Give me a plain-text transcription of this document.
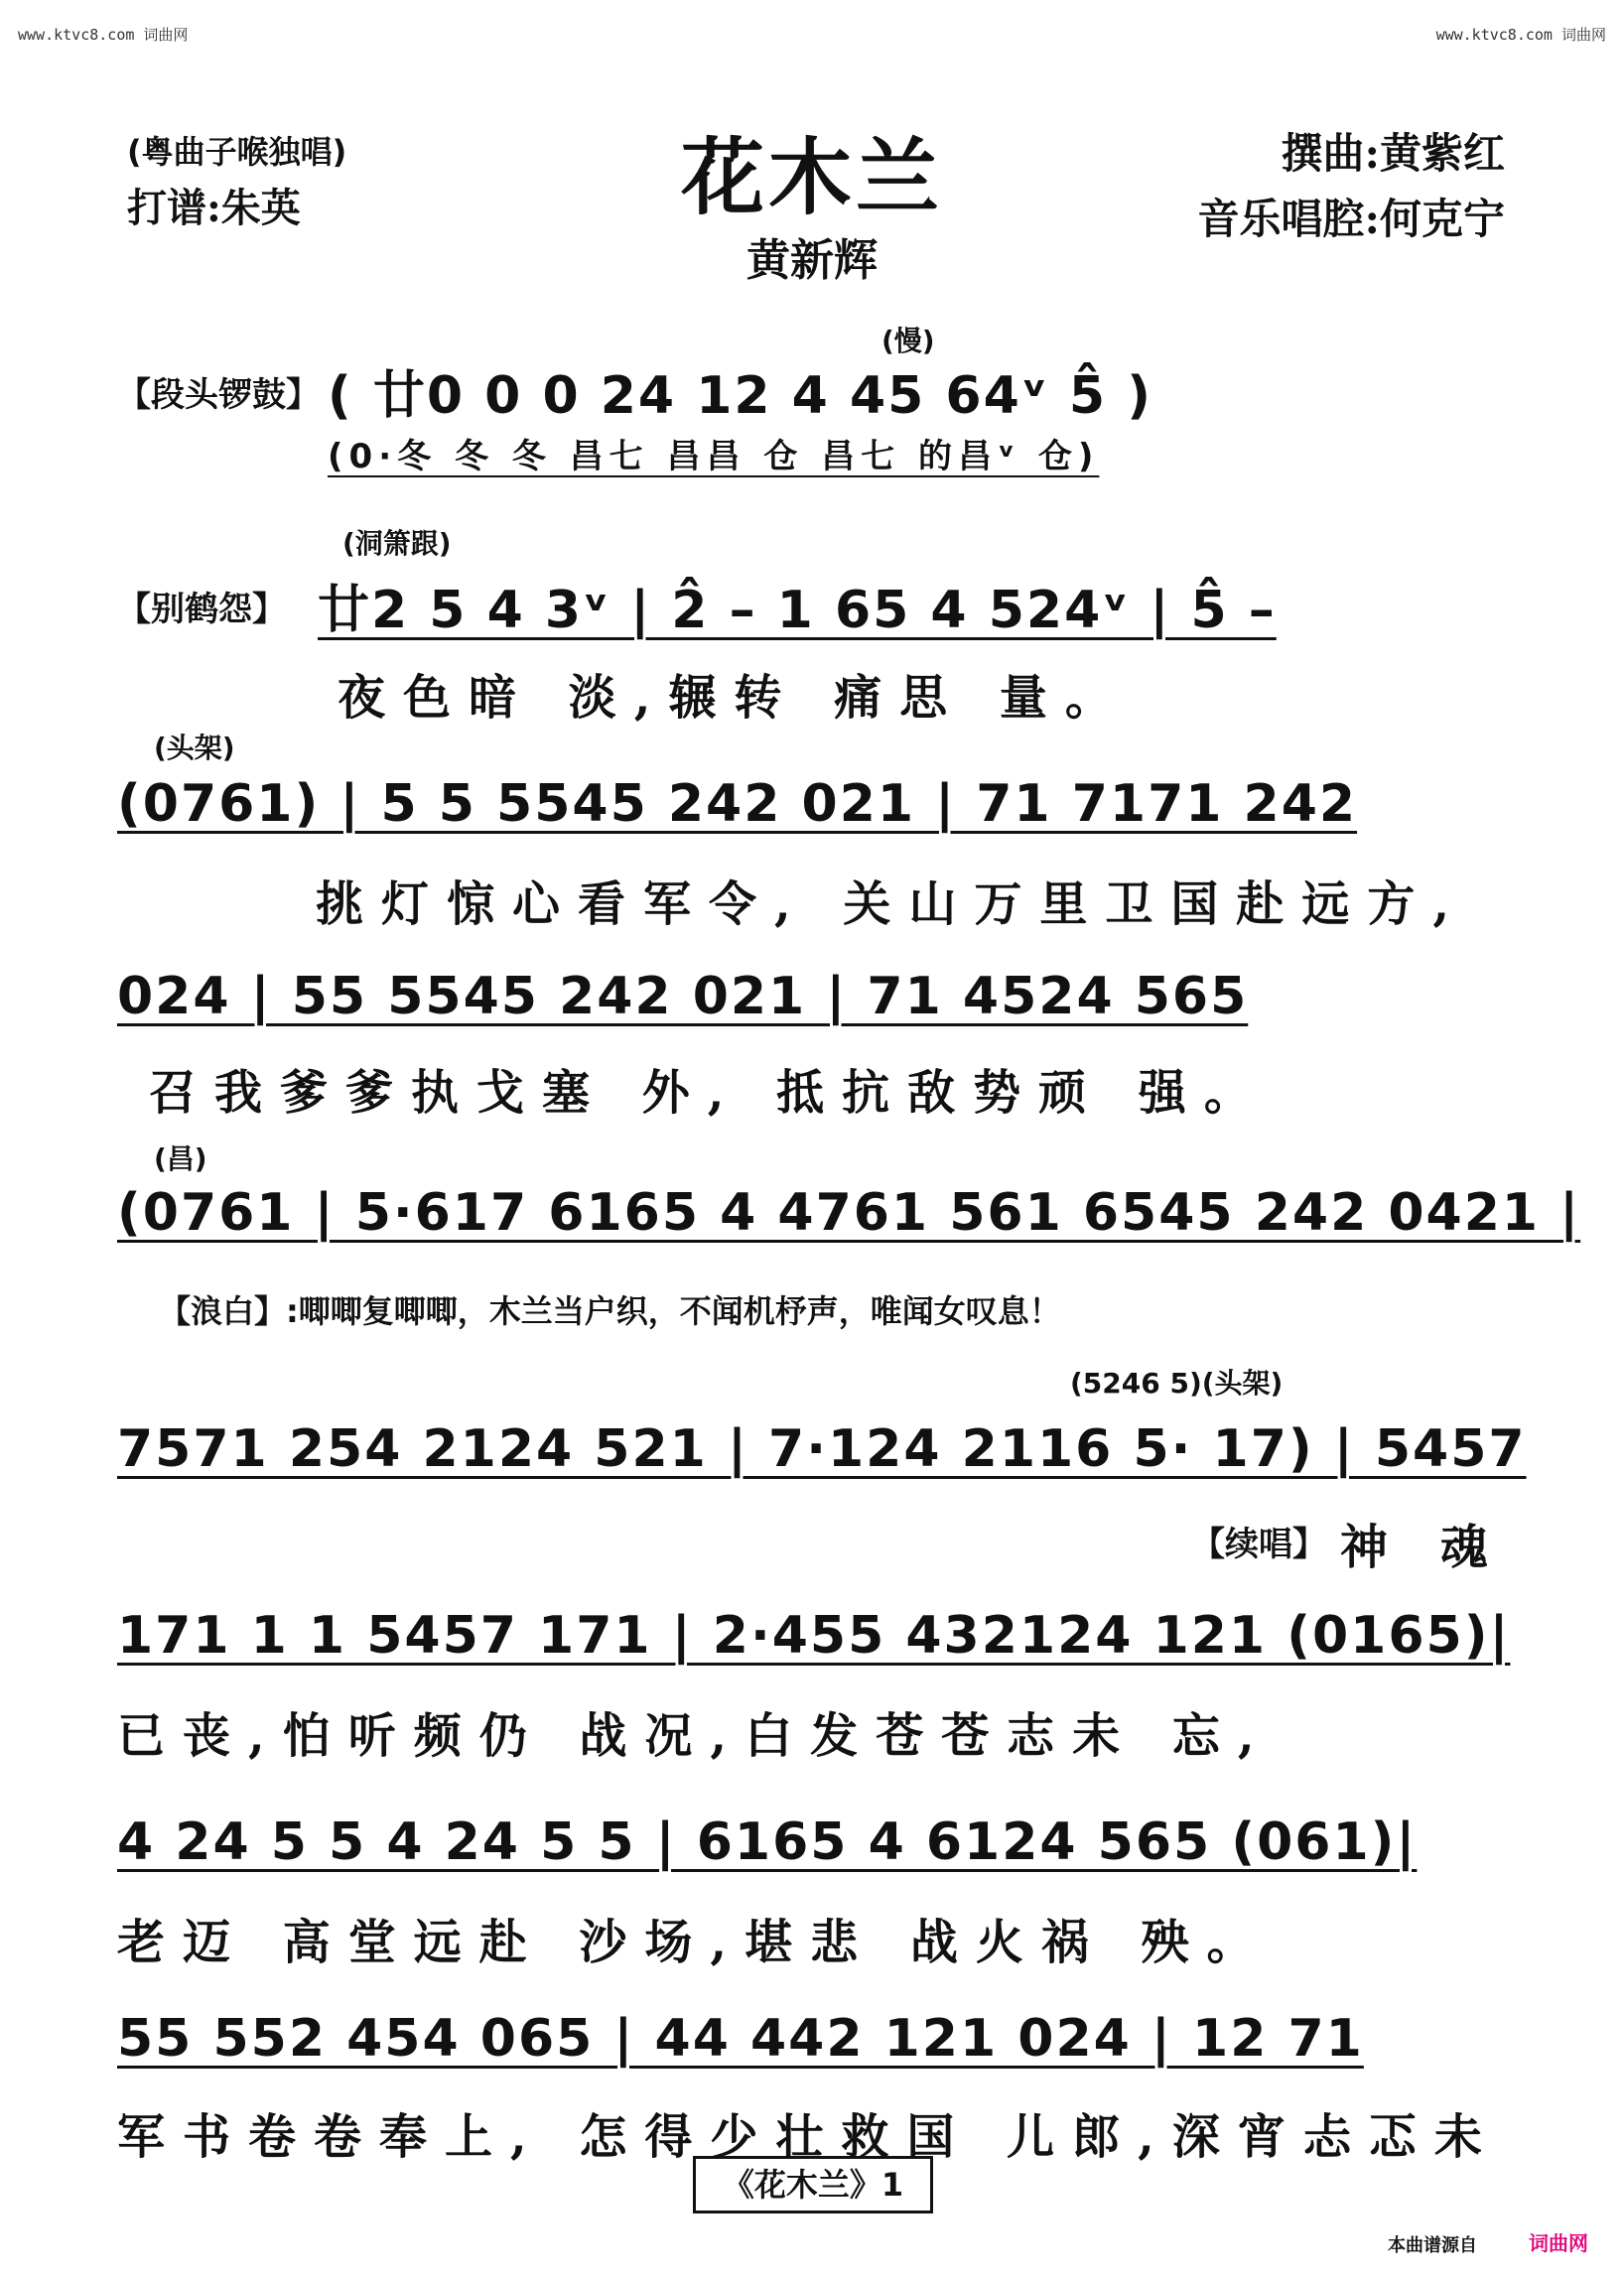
www.ktvc8.com 词曲网	www.ktvc8.com 词曲网
(粤曲子喉独唱)
打谱:朱英	花木兰
黄新辉
撰曲:黄紫红
音乐唱腔:何克宁
(慢)
【段头锣鼓】 ( 廿0 0 0 24 12 4 45 64ᵛ 5̂ )
(0·冬 冬 冬 昌七 昌昌 仓 昌七 的昌ᵛ 仓)
(洞箫跟)
【别鹤怨】 廿2 5 4 3ᵛ | 2̂ – 1 65 4 524ᵛ | 5̂ –
夜色暗 淡,辗转 痛思 量。
(头架)
(0761) | 5 5 5545 242 021 | 71 7171 242
挑灯惊心看军令, 关山万里卫国赴远方,
024 | 55 5545 242 021 | 71 4524 565
召我爹爹执戈塞 外, 抵抗敌势顽 强。
(昌)
(0761 | 5·617 6165 4 4761 561 6545 242 0421 |
【浪白】:唧唧复唧唧，木兰当户织，不闻机杼声，唯闻女叹息！
(5246 5)(头架)
7571 254 2124 521 | 7·124 2116 5· 17) | 5457
【续唱】 神 魂
171 1 1 5457 171 | 2·455 432124 121 (0165)|
已丧,怕听频仍 战况,白发苍苍志未 忘,
4 24 5 5 4 24 5 5 | 6165 4 6124 565 (061)|
老迈 高堂远赴 沙场,堪悲 战火祸 殃。
55 552 454 065 | 44 442 121 024 | 12 71
军书卷卷奉上, 怎得少壮救国 儿郎,深宵忐忑未
《花木兰》1
本曲谱源自	词曲网
